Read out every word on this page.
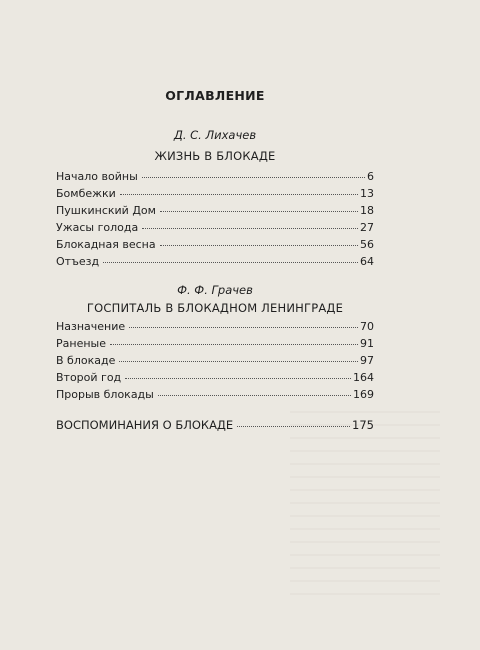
ОГЛАВЛЕНИЕ
Д. С. Лихачев
ЖИЗНЬ В БЛОКАДЕ
Начало войны	6
Бомбежки	13
Пушкинский Дом	18
Ужасы голода	27
Блокадная весна	56
Отъезд	64
Ф. Ф. Грачев
ГОСПИТАЛЬ В БЛОКАДНОМ ЛЕНИНГРАДЕ
Назначение	70
Раненые	91
В блокаде	97
Второй год	164
Прорыв блокады	169
ВОСПОМИНАНИЯ О БЛОКАДЕ	175
